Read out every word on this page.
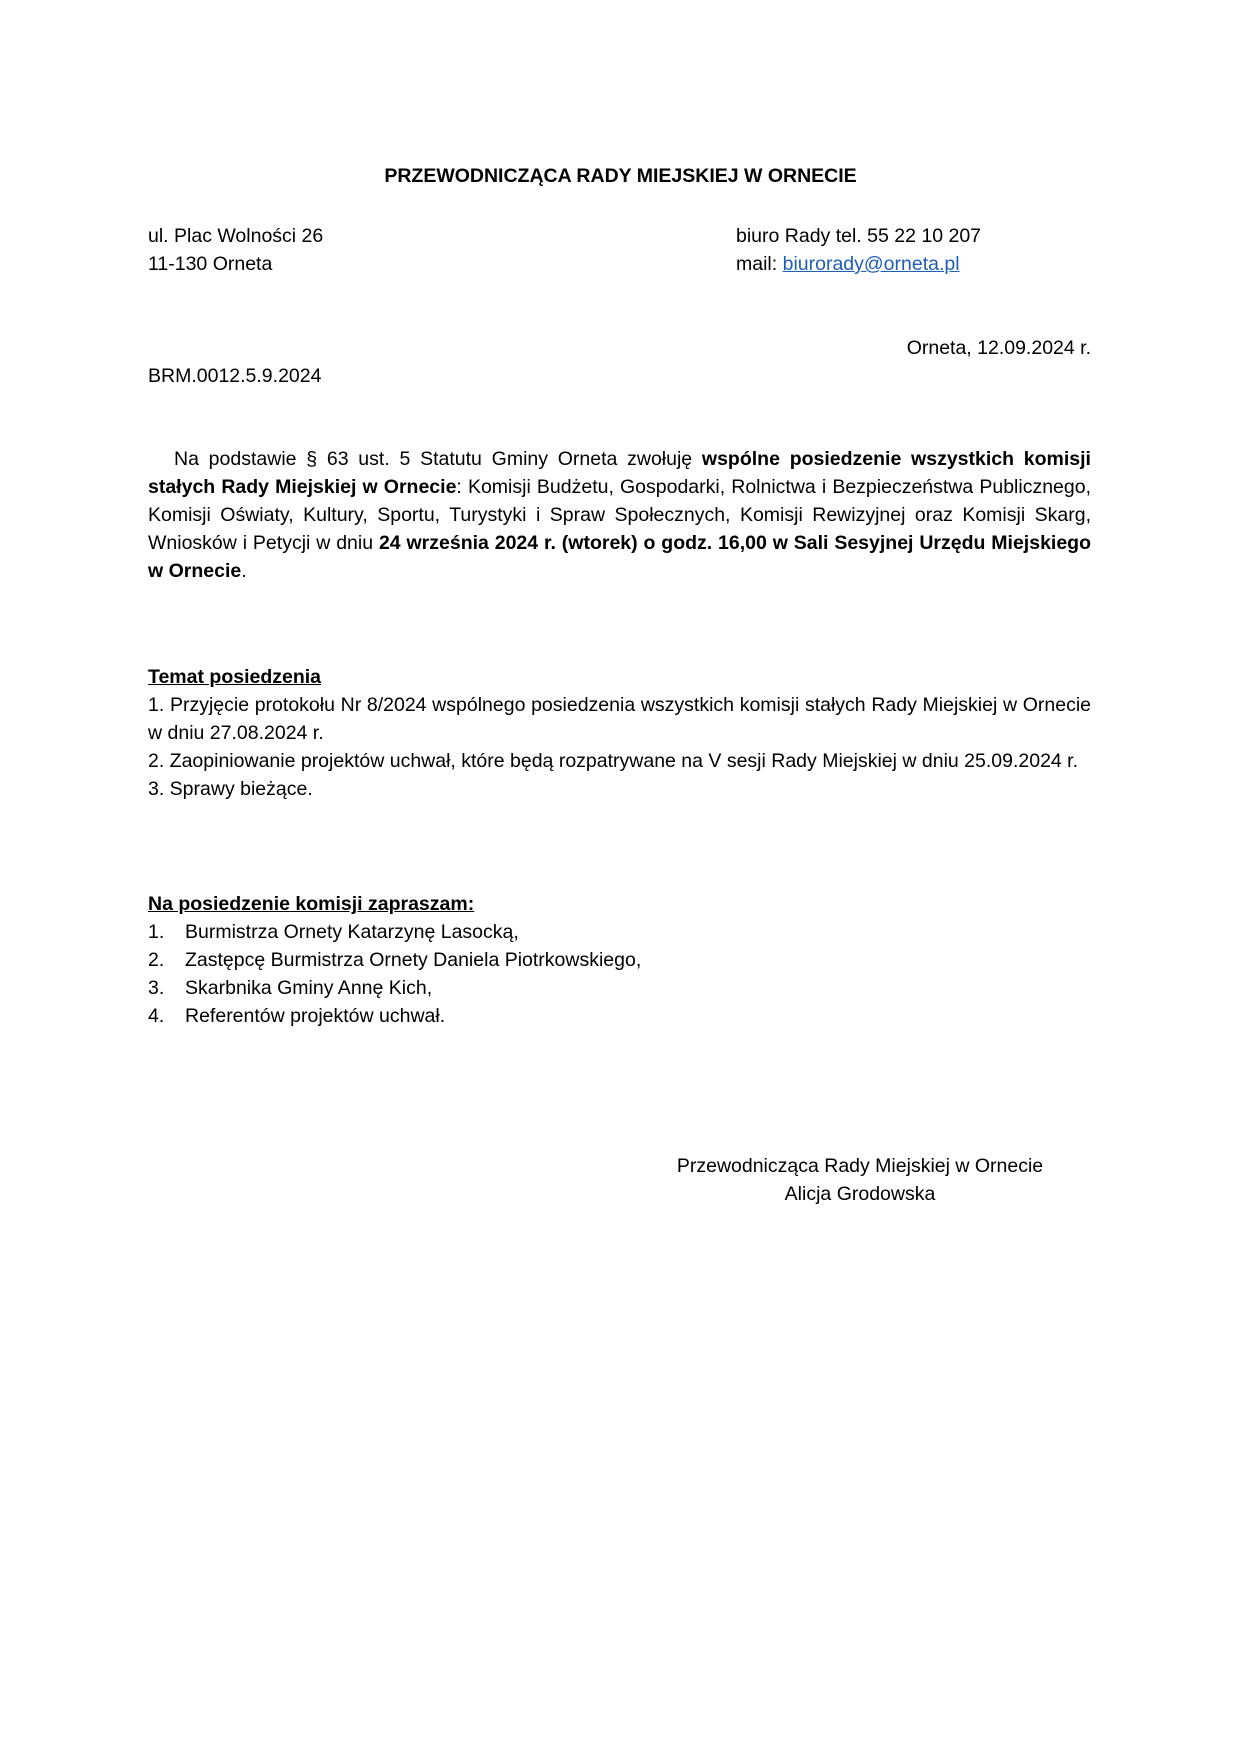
PRZEWODNICZĄCA RADY MIEJSKIEJ W ORNECIE
ul. Plac Wolności 26
11-130 Orneta
biuro Rady tel. 55 22 10 207
mail: biurorady@orneta.pl
Orneta, 12.09.2024 r.
BRM.0012.5.9.2024

Na podstawie § 63 ust. 5 Statutu Gminy Orneta zwołuję wspólne posiedzenie wszystkich komisji stałych Rady Miejskiej w Ornecie: Komisji Budżetu, Gospodarki, Rolnictwa i Bezpieczeństwa Publicznego, Komisji Oświaty, Kultury, Sportu, Turystyki i Spraw Społecznych, Komisji Rewizyjnej oraz Komisji Skarg, Wniosków i Petycji w dniu 24 września 2024 r. (wtorek) o godz. 16,00 w Sali Sesyjnej Urzędu Miejskiego w Ornecie.

Temat posiedzenia

1. Przyjęcie protokołu Nr 8/2024 wspólnego posiedzenia wszystkich komisji stałych Rady Miejskiej w Ornecie w dniu 27.08.2024 r.

2. Zaopiniowanie projektów uchwał, które będą rozpatrywane na V sesji Rady Miejskiej w dniu 25.09.2024 r.

3. Sprawy bieżące.

Na posiedzenie komisji zapraszam:

1.	Burmistrza Ornety Katarzynę Lasocką,
2.	Zastępcę Burmistrza Ornety Daniela Piotrkowskiego,
3.	Skarbnika Gminy Annę Kich,
4.	Referentów projektów uchwał.
Przewodnicząca Rady Miejskiej w Ornecie
Alicja Grodowska
